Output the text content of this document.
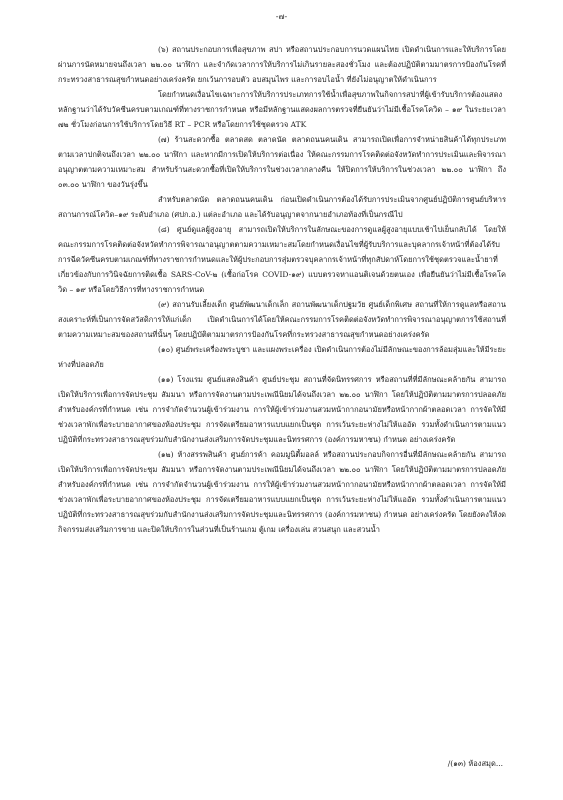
-๗-

(๖) สถานประกอบการเพื่อสุขภาพ สปา หรือสถานประกอบการนวดแผนไทย เปิดดำเนินการและให้บริการโดยผ่านการนัดหมายจนถึงเวลา ๒๒.๐๐ นาฬิกา และจำกัดเวลาการให้บริการไม่เกินรายละสองชั่วโมง และต้องปฏิบัติตามมาตรการป้องกันโรคที่กระทรวงสาธารณสุขกำหนดอย่างเคร่งครัด ยกเว้นการอบตัว อบสมุนไพร และการอบไอน้ำ ที่ยังไม่อนุญาตให้ดำเนินการ

โดยกำหนดเงื่อนไขเฉพาะการให้บริการประเภทการใช้น้ำเพื่อสุขภาพในกิจการสปาที่ผู้เข้ารับบริการต้องแสดงหลักฐานว่าได้รับวัคซีนครบตามเกณฑ์ที่ทางราชการกำหนด หรือมีหลักฐานแสดงผลการตรวจที่ยืนยันว่าไม่มีเชื้อโรคโควิด – ๑๙ ในระยะเวลา ๗๒ ชั่วโมงก่อนการใช้บริการโดยวิธี RT – PCR หรือโดยการใช้ชุดตรวจ ATK

(๗) ร้านสะดวกซื้อ ตลาดสด ตลาดนัด ตลาดถนนคนเดิน สามารถเปิดเพื่อการจำหน่ายสินค้าได้ทุกประเภทตามเวลาปกติจนถึงเวลา ๒๒.๐๐ นาฬิกา และหากมีการเปิดให้บริการต่อเนื่อง ให้คณะกรรมการโรคติดต่อจังหวัดทำการประเมินและพิจารณาอนุญาตตามความเหมาะสม สำหรับร้านสะดวกซื้อที่เปิดให้บริการในช่วงเวลากลางคืน ให้ปิดการให้บริการในช่วงเวลา ๒๒.๐๐ นาฬิกา ถึง ๐๓.๐๐ นาฬิกา ของวันรุ่งขึ้น

สำหรับตลาดนัด ตลาดถนนคนเดิน ก่อนเปิดดำเนินการต้องได้รับการประเมินจากศูนย์ปฏิบัติการศูนย์บริหารสถานการณ์โควิด–๑๙ ระดับอำเภอ (ศปก.อ.) แต่ละอำเภอ และได้รับอนุญาตจากนายอำเภอท้องที่เป็นกรณีไป

(๘) ศูนย์ดูแลผู้สูงอายุ สามารถเปิดให้บริการในลักษณะของการดูแลผู้สูงอายุแบบเช้าไปเย็นกลับได้ โดยให้คณะกรรมการโรคติดต่อจังหวัดทำการพิจารณาอนุญาตตามความเหมาะสมโดยกำหนดเงื่อนไขที่ผู้รับบริการและบุคลากรเจ้าหน้าที่ต้องได้รับการฉีดวัคซีนครบตามเกณฑ์ที่ทางราชการกำหนดและให้ผู้ประกอบการสุ่มตรวจบุคลากรเจ้าหน้าที่ทุกสัปดาห์โดยการใช้ชุดตรวจและน้ำยาที่เกี่ยวข้องกับการวินิจฉัยการติดเชื้อ SARS-CoV-๒ (เชื้อก่อโรค COVID-๑๙) แบบตรวจหาแอนติเจนด้วยตนเอง เพื่อยืนยันว่าไม่มีเชื้อโรคโควิด – ๑๙ หรือโดยวิธีการที่ทางราชการกำหนด

(๙) สถานรับเลี้ยงเด็ก ศูนย์พัฒนาเด็กเล็ก สถานพัฒนาเด็กปฐมวัย ศูนย์เด็กพิเศษ สถานที่ให้การดูแลหรือสถานสงเคราะห์ที่เป็นการจัดสวัสดิการให้แก่เด็ก เปิดดำเนินการได้โดยให้คณะกรรมการโรคติดต่อจังหวัดทำการพิจารณาอนุญาตการใช้สถานที่ตามความเหมาะสมของสถานที่นั้นๆ โดยปฏิบัติตามมาตรการป้องกันโรคที่กระทรวงสาธารณสุขกำหนดอย่างเคร่งครัด

(๑๐) ศูนย์พระเครื่องพระบูชา และแผงพระเครื่อง เปิดดำเนินการต้องไม่มีลักษณะของการล้อมสุ่มและให้มีระยะห่างที่ปลอดภัย

(๑๑) โรงแรม ศูนย์แสดงสินค้า ศูนย์ประชุม สถานที่จัดนิทรรศการ หรือสถานที่ที่มีลักษณะคล้ายกัน สามารถเปิดให้บริการเพื่อการจัดประชุม สัมมนา หรือการจัดงานตามประเพณีนิยมได้จนถึงเวลา ๒๒.๐๐ นาฬิกา โดยให้ปฏิบัติตามมาตรการปลอดภัยสำหรับองค์กรที่กำหนด เช่น การจำกัดจำนวนผู้เข้าร่วมงาน การให้ผู้เข้าร่วมงานสวมหน้ากากอนามัยหรือหน้ากากผ้าตลอดเวลา การจัดให้มีช่วงเวลาพักเพื่อระบายอากาศของห้องประชุม การจัดเตรียมอาหารแบบแยกเป็นชุด การเว้นระยะห่างไม่ให้แออัด รวมทั้งดำเนินการตามแนวปฏิบัติที่กระทรวงสาธารณสุขร่วมกับสำนักงานส่งเสริมการจัดประชุมและนิทรรศการ (องค์การมหาชน) กำหนด อย่างเคร่งครัด

(๑๒) ห้างสรรพสินค้า ศูนย์การค้า คอมมูนิตี้มอลล์ หรือสถานประกอบกิจการอื่นที่มีลักษณะคล้ายกัน สามารถเปิดให้บริการเพื่อการจัดประชุม สัมมนา หรือการจัดงานตามประเพณีนิยมได้จนถึงเวลา ๒๒.๐๐ นาฬิกา โดยให้ปฏิบัติตามมาตรการปลอดภัยสำหรับองค์กรที่กำหนด เช่น การจำกัดจำนวนผู้เข้าร่วมงาน การให้ผู้เข้าร่วมงานสวมหน้ากากอนามัยหรือหน้ากากผ้าตลอดเวลา การจัดให้มีช่วงเวลาพักเพื่อระบายอากาศของห้องประชุม การจัดเตรียมอาหารแบบแยกเป็นชุด การเว้นระยะห่างไม่ให้แออัด รวมทั้งดำเนินการตามแนวปฏิบัติที่กระทรวงสาธารณสุขร่วมกับสำนักงานส่งเสริมการจัดประชุมและนิทรรศการ (องค์การมหาชน) กำหนด อย่างเคร่งครัด โดยยังคงให้งดกิจกรรมส่งเสริมการขาย และปิดให้บริการในส่วนที่เป็นร้านเกม ตู้เกม เครื่องเล่น สวนสนุก และสวนน้ำ

/(๑๓) ห้องสมุด...
